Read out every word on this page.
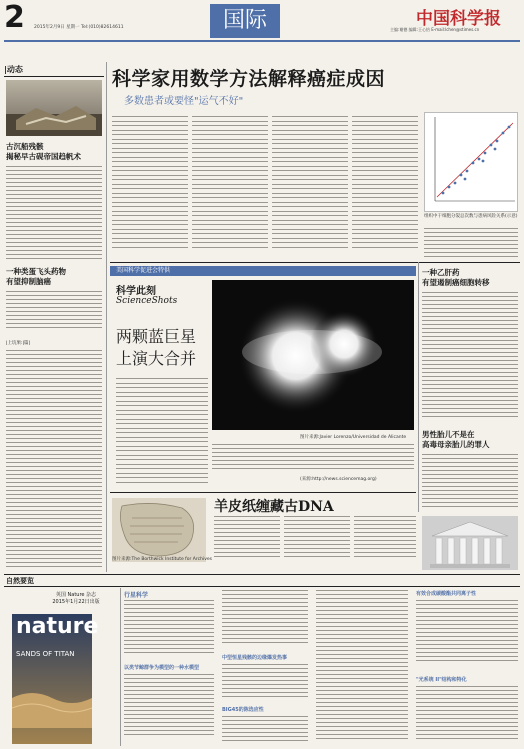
2 2015年2月9日 星期一 Tel:(010)82614611	国际	中国科学报
主编:谢德 编辑:王心怡 E-mail:lchen@stimes.cn
|动态
古沉船残骸
揭秘早古砚帝国趋帆术
一种类蛋飞头药物
有望抑制脑癌
|上坑果:|篇|
科学家用数学方法解释癌症成因
多数患者或要怪"运气不好"
组织中干细胞分裂总次数与患病风险关系(示意)
美国科学促进会特供
科学此刻
ScienceShots
两颗蓝巨星
上演大合并
图片来源:Javier Lorenzo/Universidad de Alicante
(来源:http://news.sciencemag.org)
一种乙肝药
有望遏制癌细胞转移
男性胎儿不是在
高毒母亲胎儿的罪人
图片来源:The Borthwick Institute for Archives
羊皮纸缠藏古DNA
自然要览
英国 Nature 杂志
2015年1月22日出版
nature
SANDS OF TITAN
行星科学
以类节鲸群争为模型的一种水模型
中型恒星残骸的边缘爆发热事
BIG45的陈选应性
有效合成碳酸酯共同离子性
"光系统 II"结构和特化
